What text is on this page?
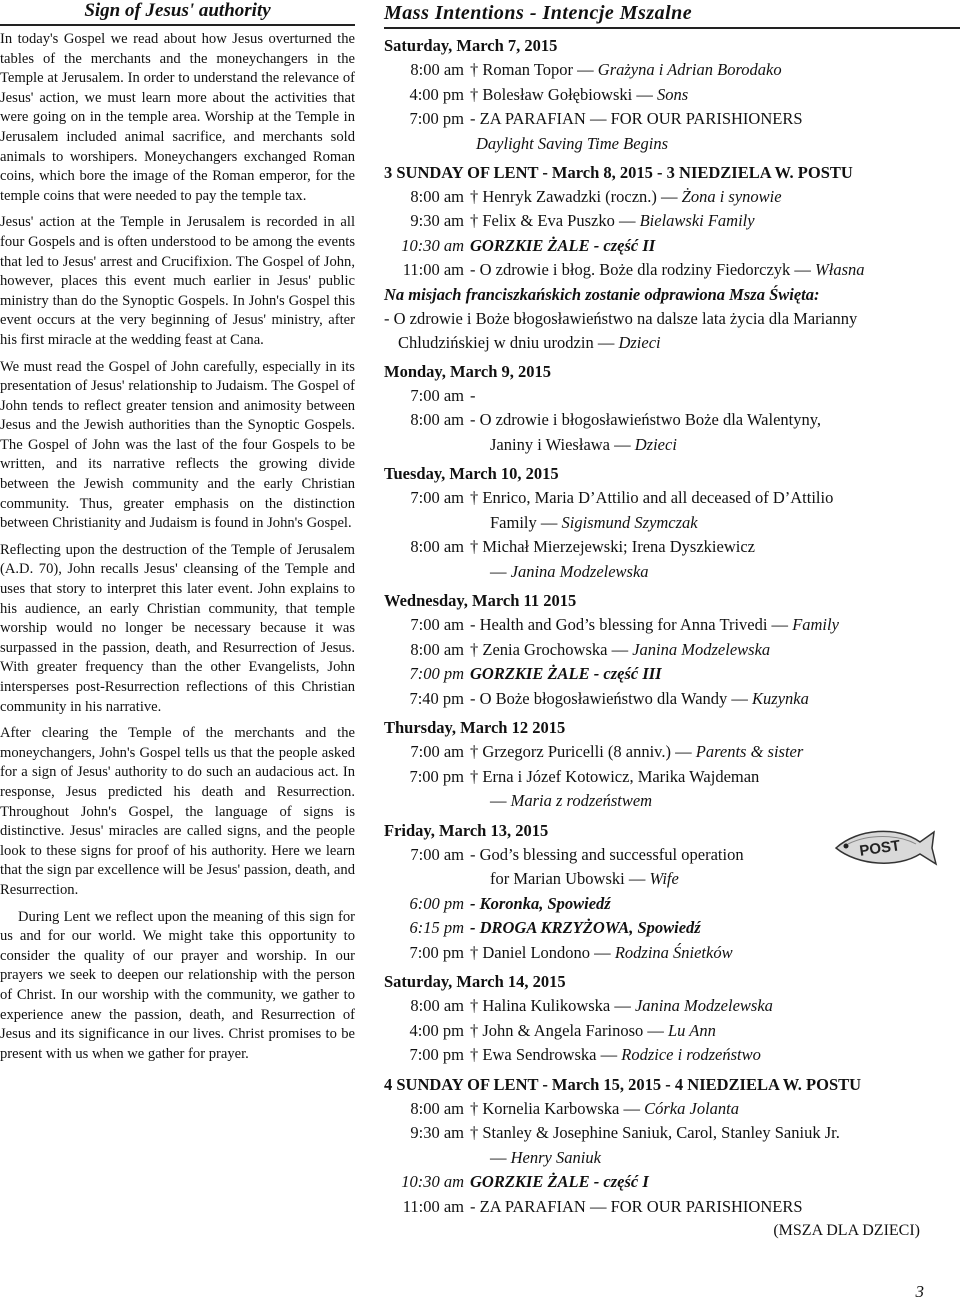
Sign of Jesus' authority

In today's Gospel we read about how Jesus overturned the tables of the merchants and the moneychangers in the Temple at Jerusalem. In order to understand the relevance of Jesus' action, we must learn more about the activities that were going on in the temple area. Worship at the Temple in Jerusalem included animal sacrifice, and merchants sold animals to worshipers. Moneychangers exchanged Roman coins, which bore the image of the Roman emperor, for the temple coins that were needed to pay the temple tax.

Jesus' action at the Temple in Jerusalem is recorded in all four Gospels and is often understood to be among the events that led to Jesus' arrest and Crucifixion. The Gospel of John, however, places this event much earlier in Jesus' public ministry than do the Synoptic Gospels. In John's Gospel this event occurs at the very beginning of Jesus' ministry, after his first miracle at the wedding feast at Cana.

We must read the Gospel of John carefully, especially in its presentation of Jesus' relationship to Judaism. The Gospel of John tends to reflect greater tension and animosity between Jesus and the Jewish authorities than the Synoptic Gospels. The Gospel of John was the last of the four Gospels to be written, and its narrative reflects the growing divide between the Jewish community and the early Christian community. Thus, greater emphasis on the distinction between Christianity and Judaism is found in John's Gospel.

Reflecting upon the destruction of the Temple of Jerusalem (A.D. 70), John recalls Jesus' cleansing of the Temple and uses that story to interpret this later event. John explains to his audience, an early Christian community, that temple worship would no longer be necessary because it was surpassed in the passion, death, and Resurrection of Jesus. With greater frequency than the other Evangelists, John intersperses post-Resurrection reflections of this Christian community in his narrative.

After clearing the Temple of the merchants and the moneychangers, John's Gospel tells us that the people asked for a sign of Jesus' authority to do such an audacious act. In response, Jesus predicted his death and Resurrection. Throughout John's Gospel, the language of signs is distinctive. Jesus' miracles are called signs, and the people look to these signs for proof of his authority. Here we learn that the sign par excellence will be Jesus' passion, death, and Resurrection.

During Lent we reflect upon the meaning of this sign for us and for our world. We might take this opportunity to consider the quality of our prayer and worship. In our prayers we seek to deepen our relationship with the person of Christ. In our worship with the community, we gather to experience anew the passion, death, and Resurrection of Jesus and its significance in our lives. Christ promises to be present with us when we gather for prayer.

Mass Intentions - Intencje Mszalne
Saturday, March 7, 2015
8:00 am † Roman Topor — Grażyna i Adrian Borodako
4:00 pm † Bolesław Gołębiowski — Sons
7:00 pm - ZA PARAFIAN — FOR OUR PARISHIONERS
Daylight Saving Time Begins
3 SUNDAY OF LENT - March 8, 2015 - 3 NIEDZIELA W. POSTU
8:00 am † Henryk Zawadzki (roczn.) — Żona i synowie
9:30 am † Felix & Eva Puszko — Bielawski Family
10:30 am GORZKIE ŻALE - część II
11:00 am - O zdrowie i błog. Boże dla rodziny Fiedorczyk — Własna
Na misjach franciszkańskich zostanie odprawiona Msza Święta:
- O zdrowie i Boże błogosławieństwo na dalsze lata życia dla Marianny
Chludzińskiej w dniu urodzin — Dzieci
Monday, March 9, 2015
7:00 am -
8:00 am - O zdrowie i błogosławieństwo Boże dla Walentyny,
Janiny i Wiesława — Dzieci
Tuesday, March 10, 2015
7:00 am † Enrico, Maria D’Attilio and all deceased of D’Attilio
Family — Sigismund Szymczak
8:00 am † Michał Mierzejewski; Irena Dyszkiewicz
— Janina Modzelewska
Wednesday, March 11 2015
7:00 am - Health and God’s blessing for Anna Trivedi — Family
8:00 am † Zenia Grochowska — Janina Modzelewska
7:00 pm GORZKIE ŻALE - część III
7:40 pm - O Boże błogosławieństwo dla Wandy — Kuzynka
Thursday, March 12 2015
7:00 am † Grzegorz Puricelli (8 anniv.) — Parents & sister
7:00 pm † Erna i Józef Kotowicz, Marika Wajdeman
— Maria z rodzeństwem
Friday, March 13, 2015
7:00 am - God’s blessing and successful operation
for Marian Ubowski — Wife
6:00 pm - Koronka, Spowiedź
6:15 pm - DROGA KRZYŻOWA, Spowiedź
7:00 pm † Daniel Londono — Rodzina Śnietków
Saturday, March 14, 2015
8:00 am † Halina Kulikowska — Janina Modzelewska
4:00 pm † John & Angela Farinoso — Lu Ann
7:00 pm † Ewa Sendrowska — Rodzice i rodzeństwo
4 SUNDAY OF LENT - March 15, 2015 - 4 NIEDZIELA W. POSTU
8:00 am † Kornelia Karbowska — Córka Jolanta
9:30 am † Stanley & Josephine Saniuk, Carol, Stanley Saniuk Jr.
— Henry Saniuk
10:30 am GORZKIE ŻALE - część I
11:00 am - ZA PARAFIAN — FOR OUR PARISHIONERS
(MSZA DLA DZIECI)
POST
3
